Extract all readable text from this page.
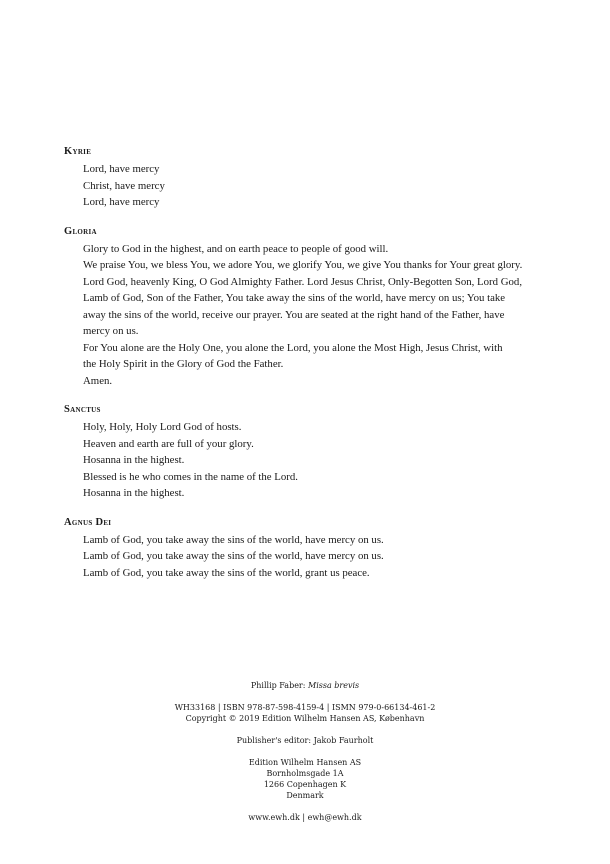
Kyrie
Lord, have mercy
Christ, have mercy
Lord, have mercy
Gloria
Glory to God in the highest, and on earth peace to people of good will.
We praise You, we bless You, we adore You, we glorify You, we give You thanks for Your great glory.
Lord God, heavenly King, O God Almighty Father. Lord Jesus Christ, Only-Begotten Son, Lord God,
Lamb of God, Son of the Father, You take away the sins of the world, have mercy on us; You take
away the sins of the world, receive our prayer. You are seated at the right hand of the Father, have
mercy on us.
For You alone are the Holy One, you alone the Lord, you alone the Most High, Jesus Christ, with
the Holy Spirit in the Glory of God the Father.
Amen.
Sanctus
Holy, Holy, Holy Lord God of hosts.
Heaven and earth are full of your glory.
Hosanna in the highest.
Blessed is he who comes in the name of the Lord.
Hosanna in the highest.
Agnus Dei
Lamb of God, you take away the sins of the world, have mercy on us.
Lamb of God, you take away the sins of the world, have mercy on us.
Lamb of God, you take away the sins of the world, grant us peace.
Phillip Faber: Missa brevis
WH33168 | ISBN 978-87-598-4159-4 | ISMN 979-0-66134-461-2
Copyright © 2019 Edition Wilhelm Hansen AS, København
Publisher's editor: Jakob Faurholt
Edition Wilhelm Hansen AS
Bornholmsgade 1A
1266 Copenhagen K
Denmark
www.ewh.dk | ewh@ewh.dk
